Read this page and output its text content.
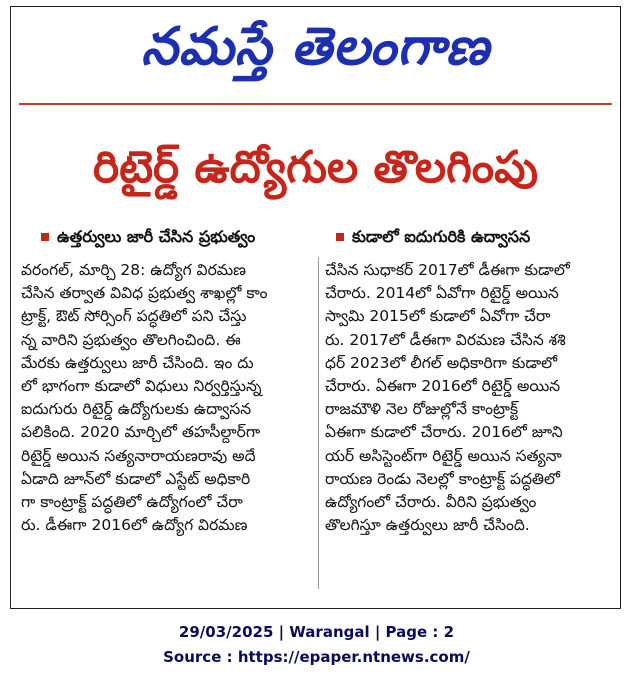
నమస్తే తెలంగాణ
రిటైర్డ్ ఉద్యోగుల తొలగింపు
ఉత్తర్వులు జారీ చేసిన ప్రభుత్వం	కుడాలో ఐదుగురికి ఉద్వాసన
వరంగల్, మార్చి 28: ఉద్యోగ విరమణ
చేసిన తర్వాత వివిధ ప్రభుత్వ శాఖల్లో కాం
ట్రాక్ట్, ఔట్ సోర్సింగ్ పద్ధతిలో పని చేస్తు
న్న వారిని ప్రభుత్వం తొలగించింది. ఈ
మేరకు ఉత్తర్వులు జారీ చేసింది. ఇం దు
లో భాగంగా కుడాలో విధులు నిర్వర్తిస్తున్న
ఐదుగురు రిటైర్డ్ ఉద్యోగులకు ఉద్వాసన
పలికింది. 2020 మార్చిలో తహసీల్దార్‌గా
రిటైర్డ్ అయిన సత్యనారాయణరావు అదే
ఏడాది జూన్‌లో కుడాలో ఎస్టేట్ అధికారి
గా కాంట్రాక్ట్ పద్ధతిలో ఉద్యోగంలో చేరా
రు. డీఈగా 2016లో ఉద్యోగ విరమణ
చేసిన సుధాకర్ 2017లో డీఈగా కుడాలో
చేరారు. 2014లో ఏవోగా రిటైర్డ్ అయిన
స్వామి 2015లో కుడాలో ఏవోగా చేరా
రు. 2017లో డీఈగా విరమణ చేసిన శశి
ధర్ 2023లో లీగల్ అధికారిగా కుడాలో
చేరారు. ఏఈగా 2016లో రిటైర్డ్ అయిన
రాజమౌళి నెల రోజుల్లోనే కాంట్రాక్ట్
ఏఈగా కుడాలో చేరారు. 2016లో జూని
యర్ అసిస్టెంట్‌గా రిటైర్డ్ అయిన సత్యనా
రాయణ రెండు నెలల్లో కాంట్రాక్ట్ పద్ధతిలో
ఉద్యోగంలో చేరారు. వీరిని ప్రభుత్వం
తొలగిస్తూ ఉత్తర్వులు జారీ చేసింది.
29/03/2025 | Warangal | Page : 2
Source : https://epaper.ntnews.com/
